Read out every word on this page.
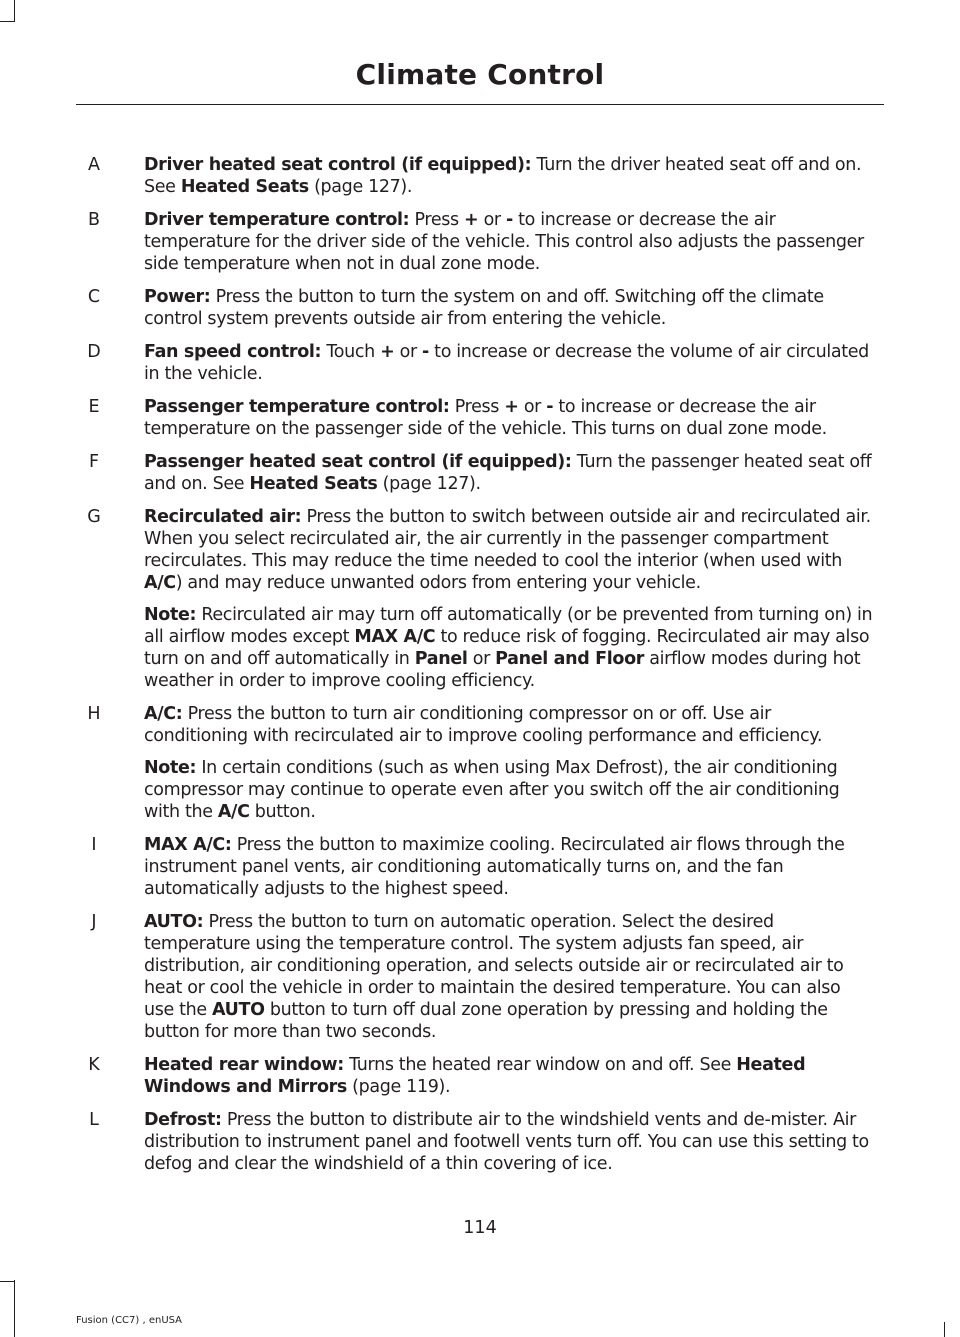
Climate Control
A	Driver heated seat control (if equipped): Turn the driver heated seat off and on. See Heated Seats (page 127).
B	Driver temperature control: Press + or - to increase or decrease the air temperature for the driver side of the vehicle. This control also adjusts the passenger side temperature when not in dual zone mode.
C	Power: Press the button to turn the system on and off. Switching off the climate control system prevents outside air from entering the vehicle.
D Fan speed control: Touch + or - to increase or decrease the volume of air circulated in the vehicle.
E	Passenger temperature control: Press + or - to increase or decrease the air temperature on the passenger side of the vehicle. This turns on dual zone mode.
F	Passenger heated seat control (if equipped): Turn the passenger heated seat off and on. See Heated Seats (page 127).
G Recirculated air: Press the button to switch between outside air and recirculated air. When you select recirculated air, the air currently in the passenger compartment recirculates. This may reduce the time needed to cool the interior (when used with A/C) and may reduce unwanted odors from entering your vehicle.
Note: Recirculated air may turn off automatically (or be prevented from turning on) in all airflow modes except MAX A/C to reduce risk of fogging. Recirculated air may also turn on and off automatically in Panel or Panel and Floor airflow modes during hot weather in order to improve cooling efficiency.
H A/C: Press the button to turn air conditioning compressor on or off. Use air conditioning with recirculated air to improve cooling performance and efficiency.
Note: In certain conditions (such as when using Max Defrost), the air conditioning compressor may continue to operate even after you switch off the air conditioning with the A/C button.
I	MAX A/C: Press the button to maximize cooling. Recirculated air flows through the instrument panel vents, air conditioning automatically turns on, and the fan automatically adjusts to the highest speed.
J	AUTO: Press the button to turn on automatic operation. Select the desired temperature using the temperature control. The system adjusts fan speed, air distribution, air conditioning operation, and selects outside air or recirculated air to heat or cool the vehicle in order to maintain the desired temperature. You can also use the AUTO button to turn off dual zone operation by pressing and holding the button for more than two seconds.
K	Heated rear window: Turns the heated rear window on and off. See Heated Windows and Mirrors (page 119).
L	Defrost: Press the button to distribute air to the windshield vents and de-mister. Air distribution to instrument panel and footwell vents turn off. You can use this setting to defog and clear the windshield of a thin covering of ice.
114
Fusion (CC7) , enUSA
